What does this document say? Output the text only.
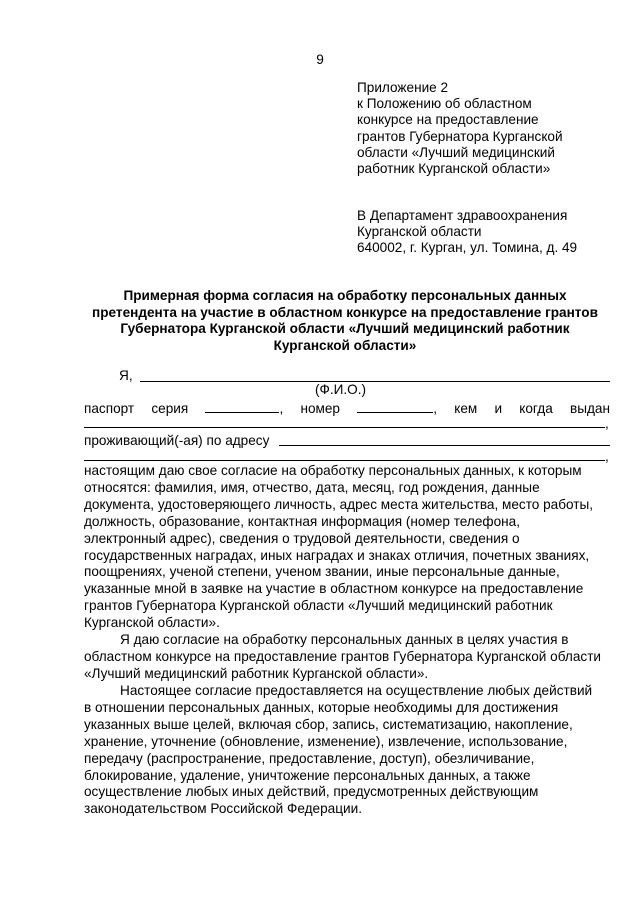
9
Приложение 2
к Положению об областном
конкурсе на предоставление
грантов Губернатора Курганской
области «Лучший медицинский
работник Курганской области»
В Департамент здравоохранения
Курганской области
640002, г. Курган, ул. Томина, д. 49
Примерная форма согласия на обработку персональных данных
претендента на участие в областном конкурсе на предоставление грантов
Губернатора Курганской области «Лучший медицинский работник
Курганской области»
Я,
(Ф.И.О.)
паспорт серия	, номер	, кем и когда выдан
,
проживающий(-ая) по адресу
,
настоящим даю свое согласие на обработку персональных данных, к которым
относятся: фамилия, имя, отчество, дата, месяц, год рождения, данные
документа, удостоверяющего личность, адрес места жительства, место работы,
должность, образование, контактная информация (номер телефона,
электронный адрес), сведения о трудовой деятельности, сведения о
государственных наградах, иных наградах и знаках отличия, почетных званиях,
поощрениях, ученой степени, ученом звании, иные персональные данные,
указанные мной в заявке на участие в областном конкурсе на предоставление
грантов Губернатора Курганской области «Лучший медицинский работник
Курганской области».
Я даю согласие на обработку персональных данных в целях участия в
областном конкурсе на предоставление грантов Губернатора Курганской области
«Лучший медицинский работник Курганской области».
Настоящее согласие предоставляется на осуществление любых действий
в отношении персональных данных, которые необходимы для достижения
указанных выше целей, включая сбор, запись, систематизацию, накопление,
хранение, уточнение (обновление, изменение), извлечение, использование,
передачу (распространение, предоставление, доступ), обезличивание,
блокирование, удаление, уничтожение персональных данных, а также
осуществление любых иных действий, предусмотренных действующим
законодательством Российской Федерации.
